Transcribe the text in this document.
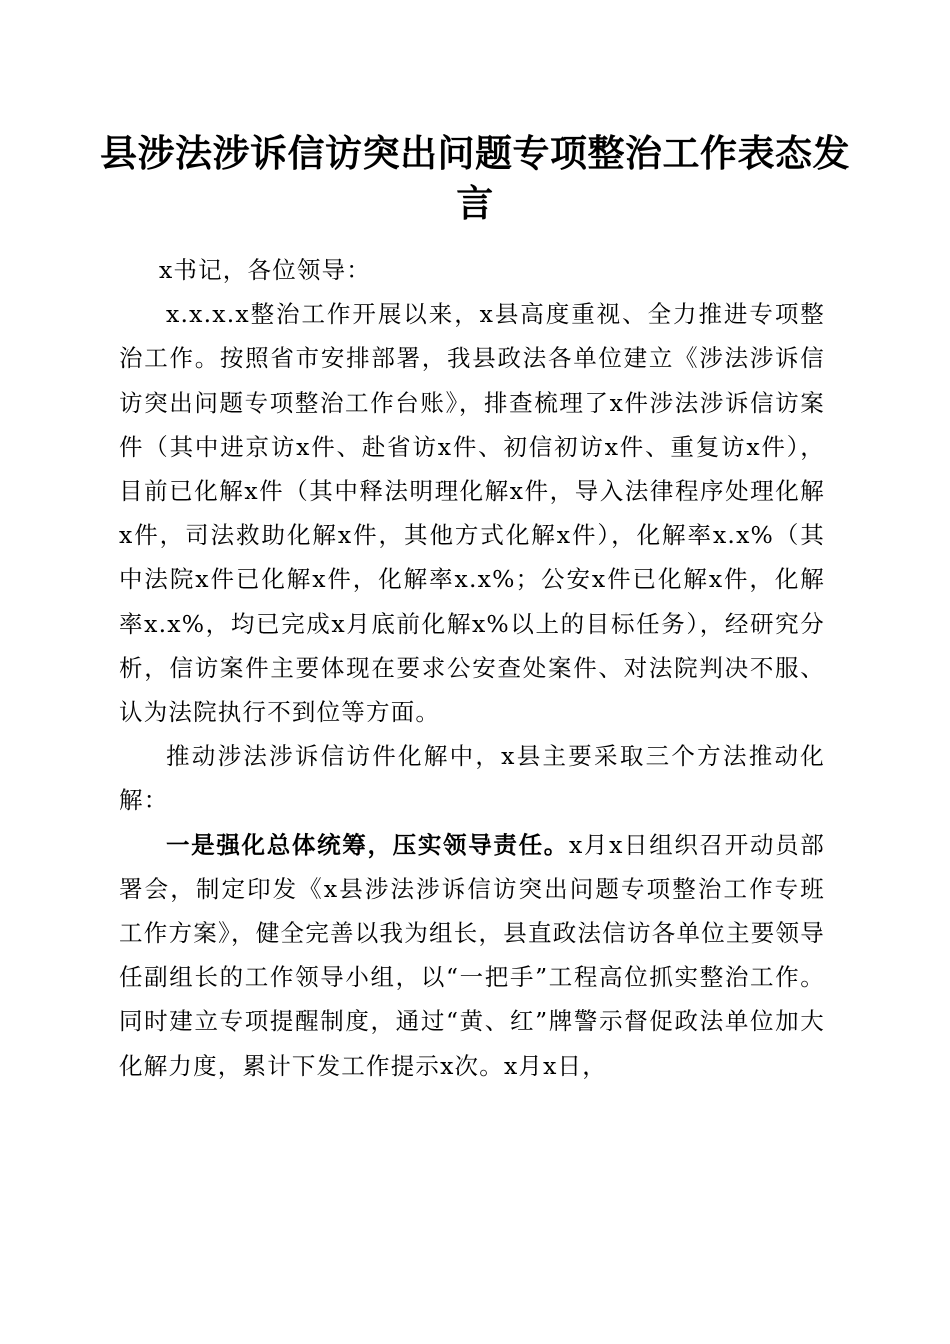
县涉法涉诉信访突出问题专项整治工作表态发言

x书记，各位领导：

x.x.x.x整治工作开展以来，x县高度重视、全力推进专项整治工作。按照省市安排部署，我县政法各单位建立《涉法涉诉信访突出问题专项整治工作台账》，排查梳理了x件涉法涉诉信访案件（其中进京访x件、赴省访x件、初信初访x件、重复访x件），目前已化解x件（其中释法明理化解x件，导入法律程序处理化解x件，司法救助化解x件，其他方式化解x件），化解率x.x%（其中法院x件已化解x件，化解率x.x%；公安x件已化解x件，化解率x.x%，均已完成x月底前化解x%以上的目标任务），经研究分析，信访案件主要体现在要求公安查处案件、对法院判决不服、认为法院执行不到位等方面。

推动涉法涉诉信访件化解中，x县主要采取三个方法推动化解：

一是强化总体统筹，压实领导责任。x月x日组织召开动员部署会，制定印发《x县涉法涉诉信访突出问题专项整治工作专班工作方案》，健全完善以我为组长，县直政法信访各单位主要领导任副组长的工作领导小组，以“一把手”工程高位抓实整治工作。同时建立专项提醒制度，通过“黄、红”牌警示督促政法单位加大化解力度，累计下发工作提示x次。x月x日，
